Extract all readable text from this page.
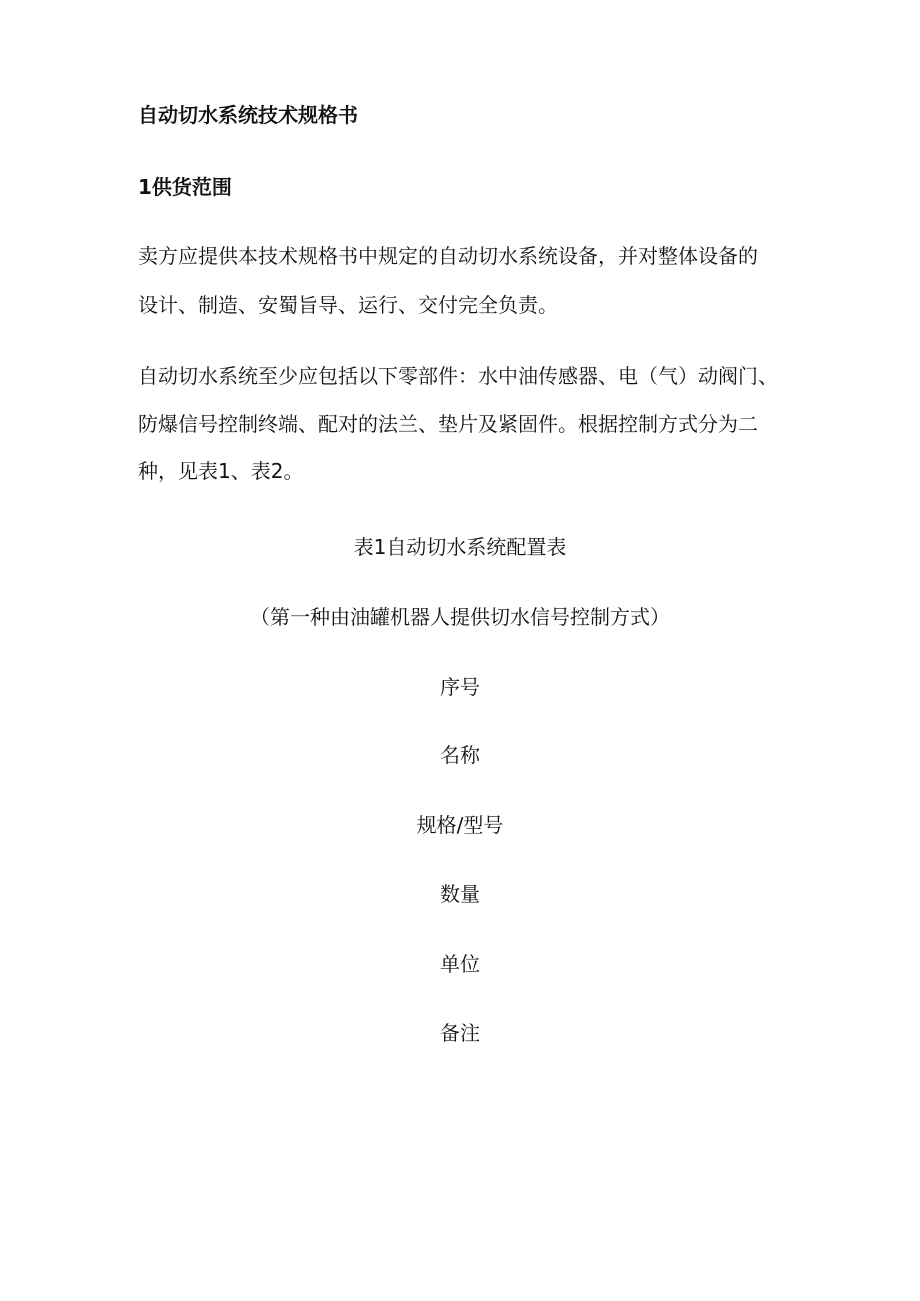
自动切水系统技术规格书
1供货范围
卖方应提供本技术规格书中规定的自动切水系统设备，并对整体设备的
设计、制造、安蜀旨导、运行、交付完全负责。
自动切水系统至少应包括以下零部件：水中油传感器、电（气）动阀门、
防爆信号控制终端、配对的法兰、垫片及紧固件。根据控制方式分为二
种，见表1、表2。
表1自动切水系统配置表
（第一种由油罐机器人提供切水信号控制方式）
序号
名称
规格/型号
数量
单位
备注
